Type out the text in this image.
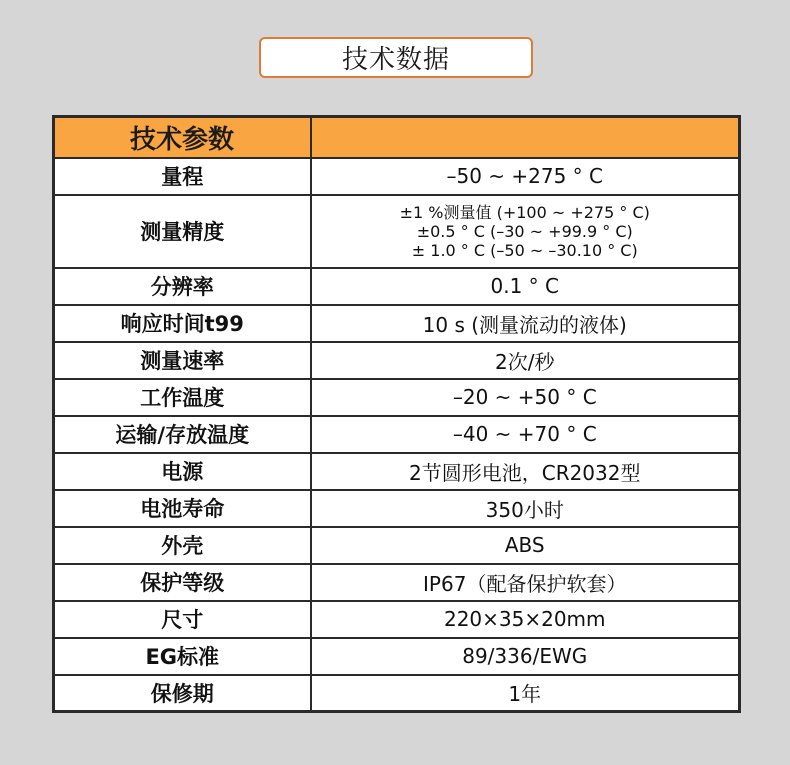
技术数据
技术参数	

量程	–50 ~ +275 ° C
测量精度	±1 %测量值 (+100 ~ +275 ° C)
±0.5 ° C (–30 ~ +99.9 ° C)
± 1.0 ° C (–50 ~ –30.10 ° C)

分辨率	0.1 ° C
响应时间t99	10 s (测量流动的液体)
测量速率	2次/秒
工作温度	–20 ~ +50 ° C
运输/存放温度	–40 ~ +70 ° C
电源	2节圆形电池，CR2032型
电池寿命	350小时
外壳	ABS
保护等级	IP67（配备保护软套）
尺寸	220×35×20mm
EG标准	89/336/EWG
保修期	1年
